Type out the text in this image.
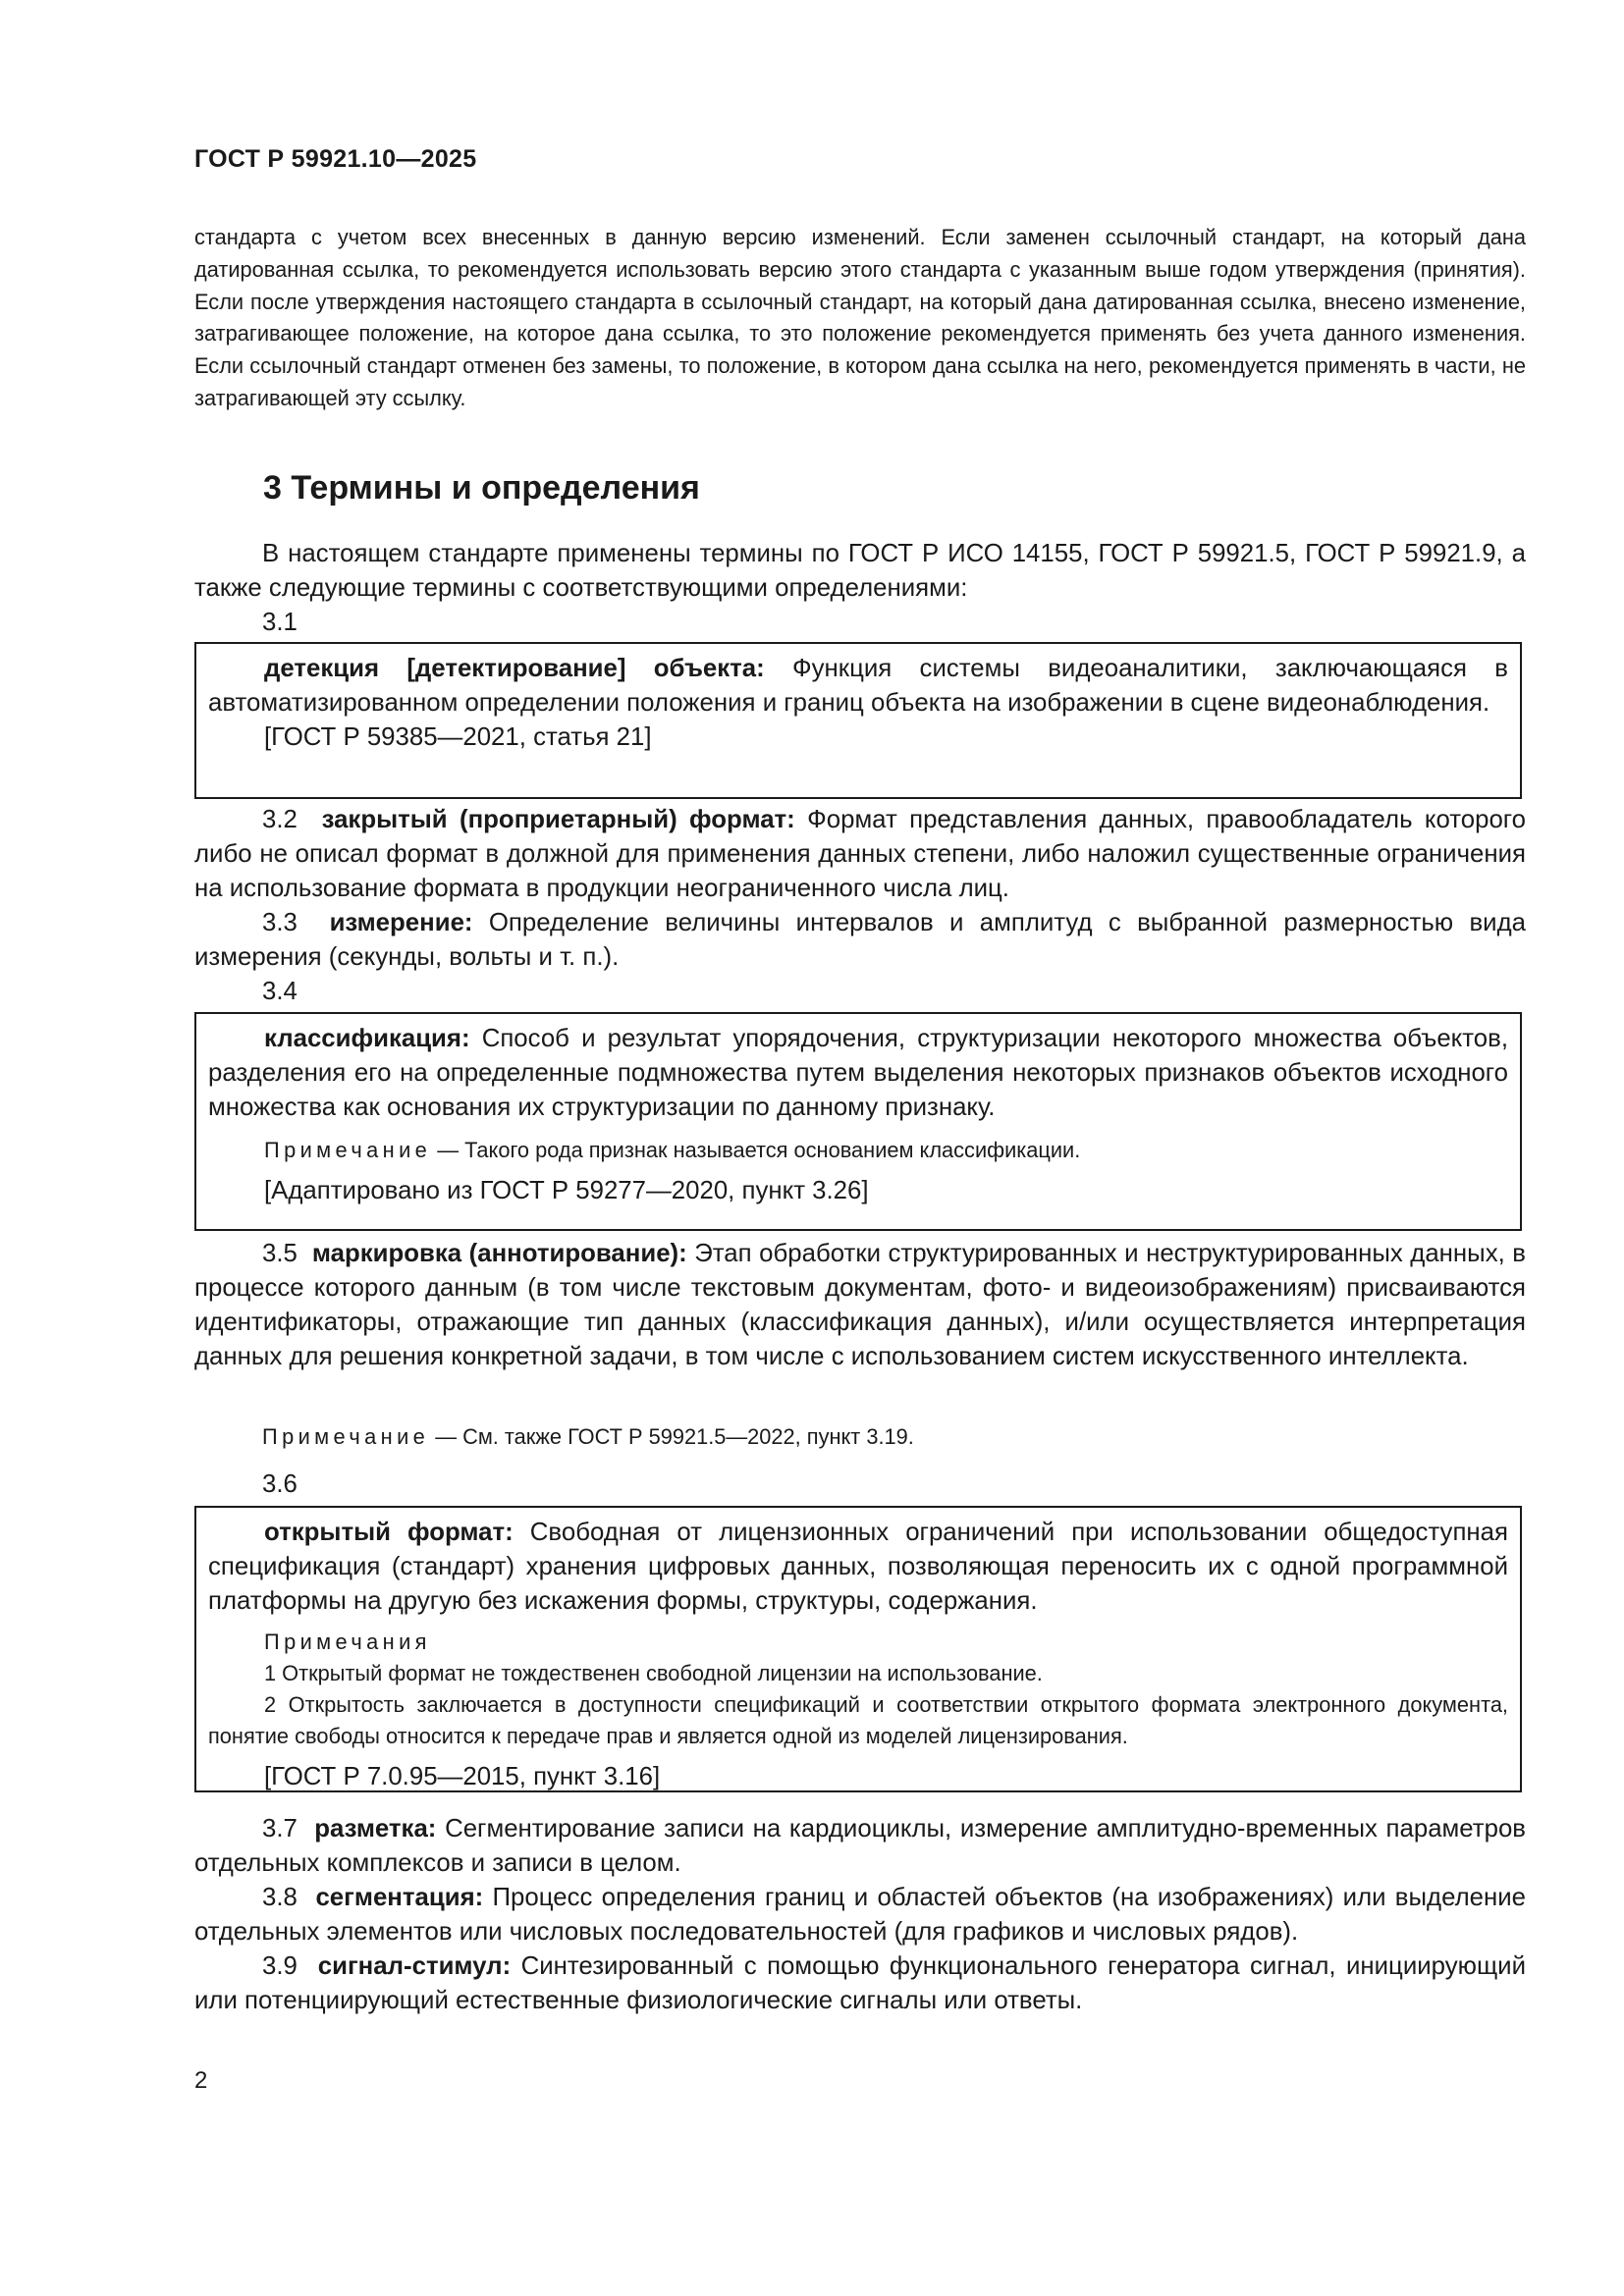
ГОСТ Р 59921.10—2025

стандарта с учетом всех внесенных в данную версию изменений. Если заменен ссылочный стандарт, на который дана датированная ссылка, то рекомендуется использовать версию этого стандарта с указанным выше годом утверждения (принятия). Если после утверждения настоящего стандарта в ссылочный стандарт, на который дана датированная ссылка, внесено изменение, затрагивающее положение, на которое дана ссылка, то это положение рекомендуется применять без учета данного изменения. Если ссылочный стандарт отменен без замены, то положение, в котором дана ссылка на него, рекомендуется применять в части, не затрагивающей эту ссылку.

3 Термины и определения

В настоящем стандарте применены термины по ГОСТ Р ИСО 14155, ГОСТ Р 59921.5, ГОСТ Р 59921.9, а также следующие термины с соответствующими определениями:

3.1

детекция [детектирование] объекта: Функция системы видеоаналитики, заключающаяся в автоматизированном определении положения и границ объекта на изображении в сцене видеонаблюдения.

[ГОСТ Р 59385—2021, статья 21]

3.2 закрытый (проприетарный) формат: Формат представления данных, правообладатель которого либо не описал формат в должной для применения данных степени, либо наложил существенные ограничения на использование формата в продукции неограниченного числа лиц.

3.3 измерение: Определение величины интервалов и амплитуд с выбранной размерностью вида измерения (секунды, вольты и т. п.).

3.4

классификация: Способ и результат упорядочения, структуризации некоторого множества объектов, разделения его на определенные подмножества путем выделения некоторых признаков объектов исходного множества как основания их структуризации по данному признаку.

Примечание — Такого рода признак называется основанием классификации.

[Адаптировано из ГОСТ Р 59277—2020, пункт 3.26]

3.5 маркировка (аннотирование): Этап обработки структурированных и неструктурированных данных, в процессе которого данным (в том числе текстовым документам, фото- и видеоизображениям) присваиваются идентификаторы, отражающие тип данных (классификация данных), и/или осуществляется интерпретация данных для решения конкретной задачи, в том числе с использованием систем искусственного интеллекта.

Примечание — См. также ГОСТ Р 59921.5—2022, пункт 3.19.

3.6

открытый формат: Свободная от лицензионных ограничений при использовании общедоступная спецификация (стандарт) хранения цифровых данных, позволяющая переносить их с одной программной платформы на другую без искажения формы, структуры, содержания.

Примечания

1 Открытый формат не тождественен свободной лицензии на использование.

2 Открытость заключается в доступности спецификаций и соответствии открытого формата электронного документа, понятие свободы относится к передаче прав и является одной из моделей лицензирования.

[ГОСТ Р 7.0.95—2015, пункт 3.16]

3.7 разметка: Сегментирование записи на кардиоциклы, измерение амплитудно-временных параметров отдельных комплексов и записи в целом.

3.8 сегментация: Процесс определения границ и областей объектов (на изображениях) или выделение отдельных элементов или числовых последовательностей (для графиков и числовых рядов).

3.9 сигнал-стимул: Синтезированный с помощью функционального генератора сигнал, инициирующий или потенциирующий естественные физиологические сигналы или ответы.

2
